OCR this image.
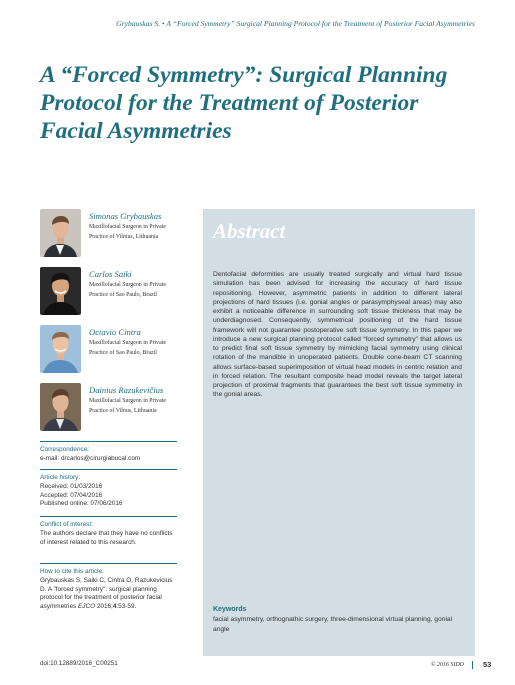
Grybauskas S. • A “Forced Symmetry” Surgical Planning Protocol for the Treatment of Posterior Facial Asymmetries
A “Forced Symmetry”: Surgical Planning Protocol for the Treatment of Posterior Facial Asymmetries
Simonas Grybauskas
Maxillofacial Surgeon in Private Practice of Vilnius, Lithuania
Carlos Saiki
Maxillofacial Surgeon in Private Practice of Sao Paulo, Brazil
Octavio Cintra
Maxillofacial Surgeon in Private Practice of Sao Paulo, Brazil
Dainius Razukevičius
Maxillofacial Surgeon in Private Practice of Vilnus, Lithuania
Correspondence:
e-mail: drcarlos@cirurgiabucal.com
Article history:
Received: 01/03/2016
Accepted: 07/04/2016
Published online: 07/06/2016
Conflict of interest:
The authors declare that they have no conflicts of interest related to this research.
How to cite this article:
Grybauskas S, Saiki C, Cintra O, Razukevicius D. A "forced symmetry": surgical planning protocol for the treatment of posterior facial asymmetries EJCO 2016;4:53-59.
Abstract

Dentofacial deformities are usually treated surgically and virtual hard tissue simulation has been advised for increasing the accuracy of hard tissue repositioning. However, asymmetric patients in addition to different lateral projections of hard tissues (i.e. gonial angles or parasymphyseal areas) may also exhibit a noticeable difference in surrounding soft tissue thickness that may be underdiagnosed. Consequently, symmetrical positioning of the hard tissue framework will not guarantee postoperative soft tissue symmetry. In this paper we introduce a new surgical planning protocol called “forced symmetry” that allows us to predict final soft tissue symmetry by mimicking facial symmetry using clinical rotation of the mandible in unoperated patients. Double cone-beam CT scanning allows surface-based superimposition of virtual head models in centric relation and in forced relation. The resultant composite head model reveals the target lateral projection of proximal fragments that guarantees the best soft tissue symmetry in the gonial areas.

Keywords
facial asymmetry, orthognathic surgery, three-dimensional virtual planning, gonial angle
doi:10.12889/2016_C00251	© 2016 SIDO	53
